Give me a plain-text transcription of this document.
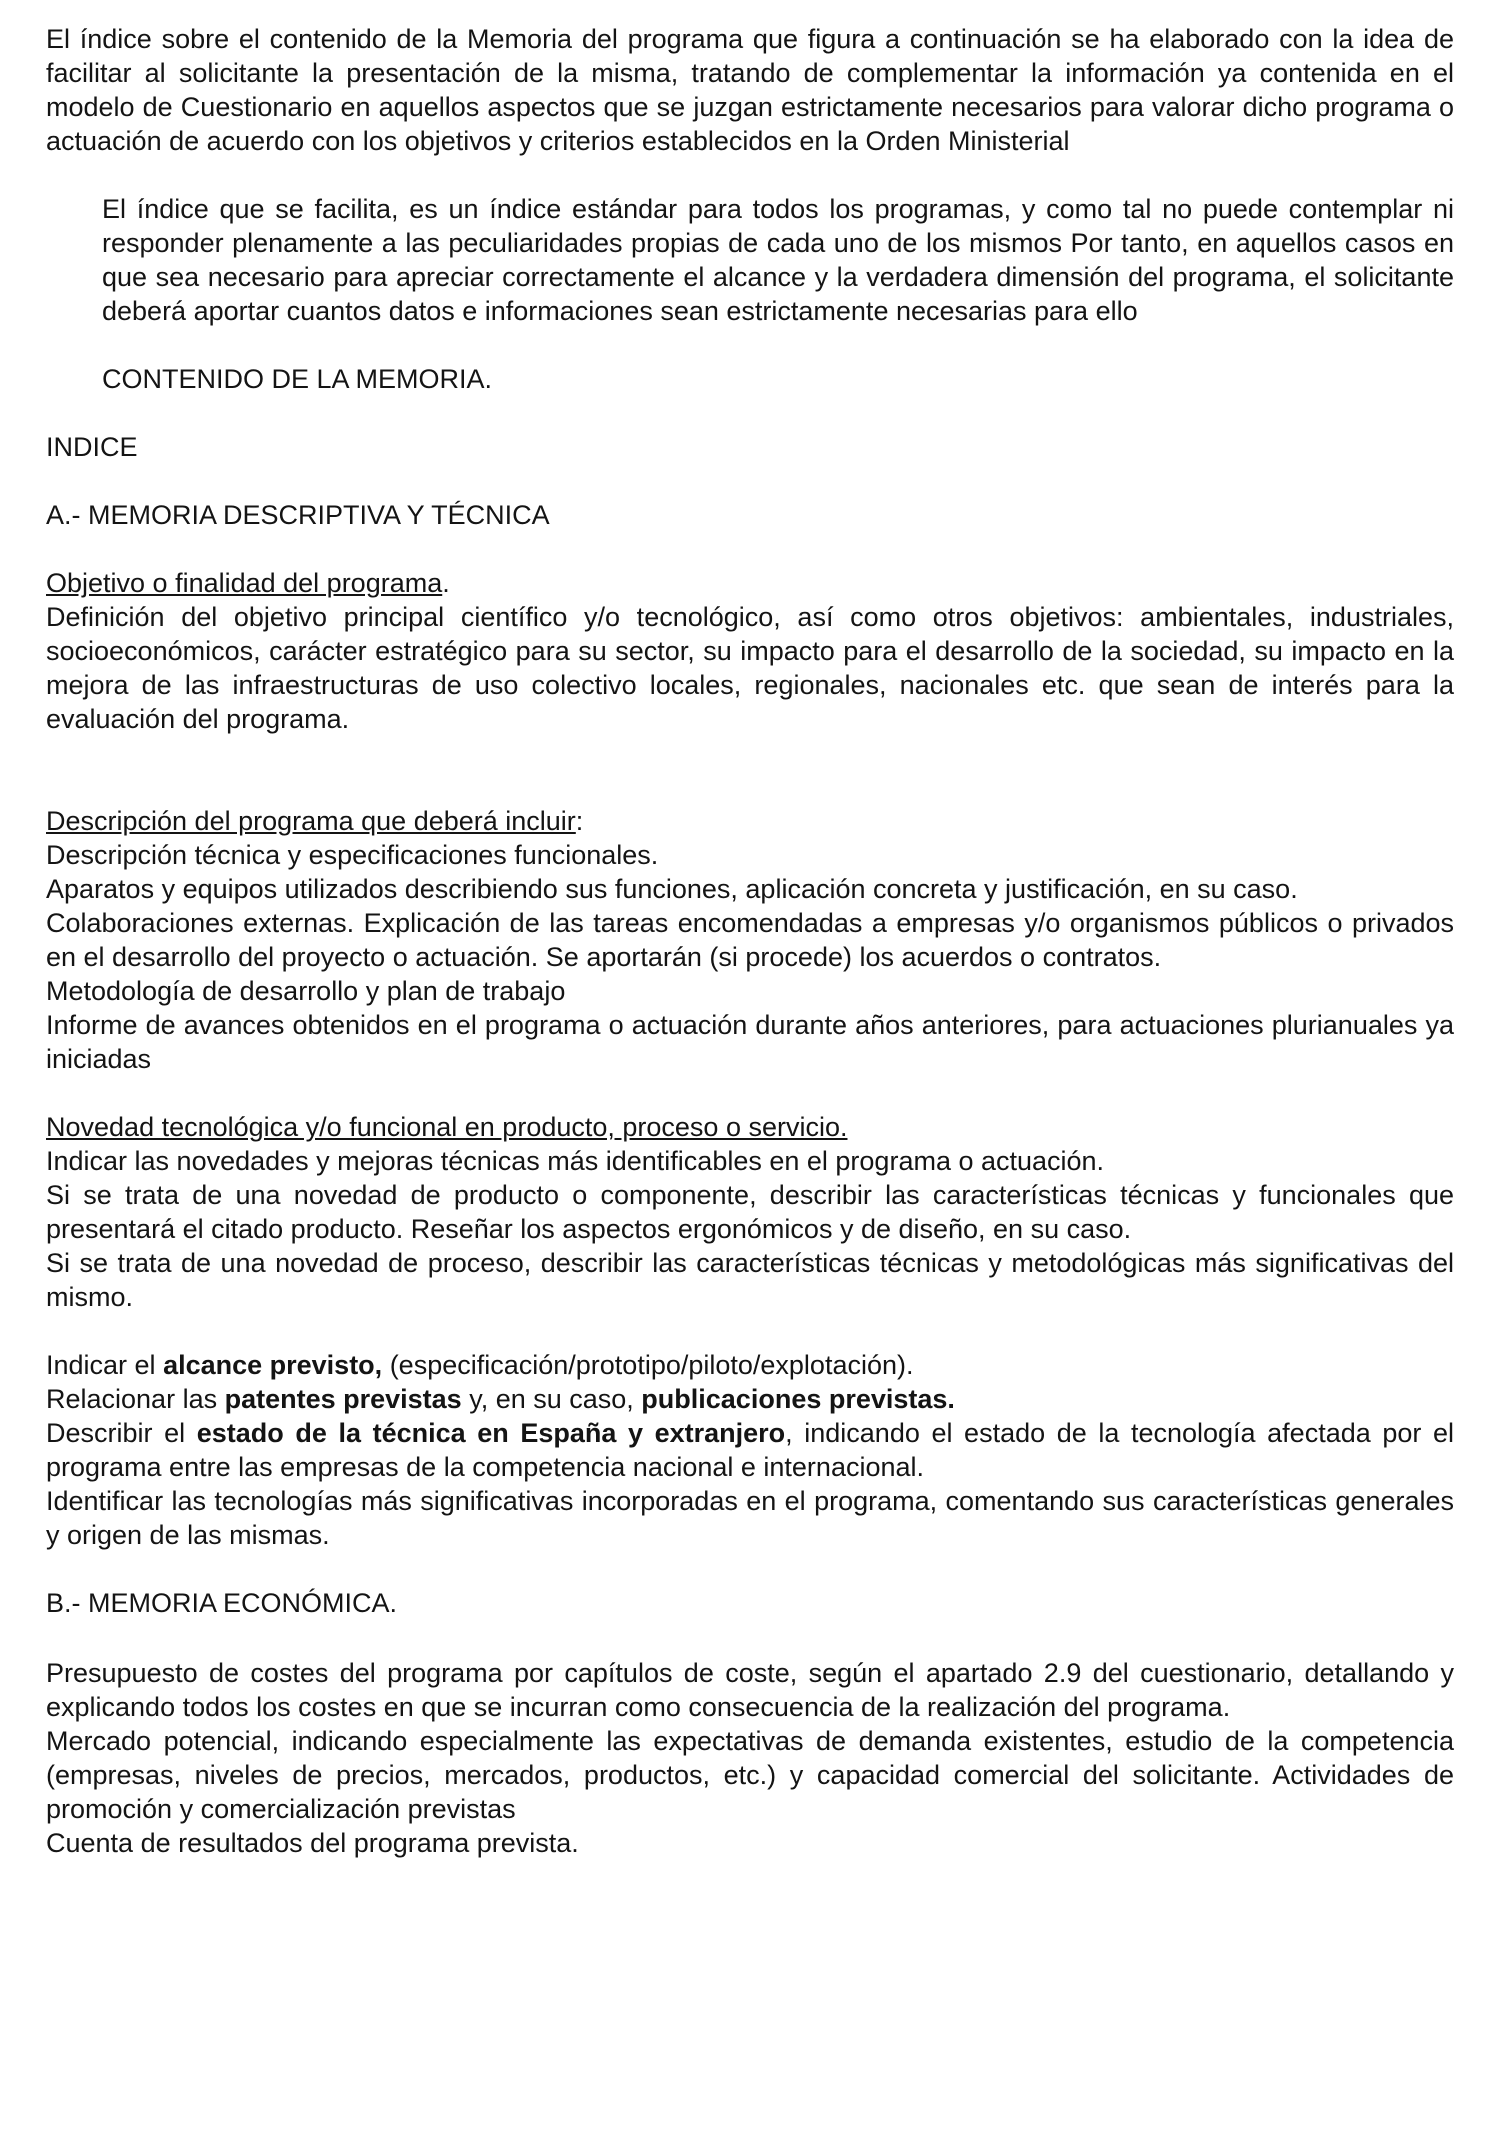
El índice sobre el contenido de la Memoria del programa que figura a continuación se ha elaborado con la idea de facilitar al solicitante la presentación de la misma, tratando de complementar la información ya contenida en el modelo de Cuestionario en aquellos aspectos que se juzgan estrictamente necesarios para valorar dicho programa o actuación de acuerdo con los objetivos y criterios establecidos en la Orden Ministerial

El índice que se facilita, es un índice estándar para todos los programas, y como tal no puede contemplar ni responder plenamente a las peculiaridades propias de cada uno de los mismos Por tanto, en aquellos casos en que sea necesario para apreciar correctamente el alcance y la verdadera dimensión del programa, el solicitante deberá aportar cuantos datos e informaciones sean estrictamente necesarias para ello

CONTENIDO DE LA MEMORIA.

INDICE

A.- MEMORIA DESCRIPTIVA Y TÉCNICA

Objetivo o finalidad del programa.

Definición del objetivo principal científico y/o tecnológico, así como otros objetivos: ambientales, industriales, socioeconómicos, carácter estratégico para su sector, su impacto para el desarrollo de la sociedad, su impacto en la mejora de las infraestructuras de uso colectivo locales, regionales, nacionales etc. que sean de interés para la evaluación del programa.

Descripción del programa que deberá incluir:

Descripción técnica y especificaciones funcionales.

Aparatos y equipos utilizados describiendo sus funciones, aplicación concreta y justificación, en su caso.

Colaboraciones externas. Explicación de las tareas encomendadas a empresas y/o organismos públicos o privados en el desarrollo del proyecto o actuación. Se aportarán (si procede) los acuerdos o contratos.

Metodología de desarrollo y plan de trabajo

Informe de avances obtenidos en el programa o actuación durante años anteriores, para actuaciones plurianuales ya iniciadas

Novedad tecnológica y/o funcional en producto, proceso o servicio.

Indicar las novedades y mejoras técnicas más identificables en el programa o actuación.

Si se trata de una novedad de producto o componente, describir las características técnicas y funcionales que presentará el citado producto. Reseñar los aspectos ergonómicos y de diseño, en su caso.

Si se trata de una novedad de proceso, describir las características técnicas y metodológicas más significativas del mismo.

Indicar el alcance previsto, (especificación/prototipo/piloto/explotación).

Relacionar las patentes previstas y, en su caso, publicaciones previstas.

Describir el estado de la técnica en España y extranjero, indicando el estado de la tecnología afectada por el programa entre las empresas de la competencia nacional e internacional.

Identificar las tecnologías más significativas incorporadas en el programa, comentando sus características generales y origen de las mismas.

B.- MEMORIA ECONÓMICA.

Presupuesto de costes del programa por capítulos de coste, según el apartado 2.9 del cuestionario, detallando y explicando todos los costes en que se incurran como consecuencia de la realización del programa.

Mercado potencial, indicando especialmente las expectativas de demanda existentes, estudio de la competencia (empresas, niveles de precios, mercados, productos, etc.) y capacidad comercial del solicitante. Actividades de promoción y comercialización previstas

Cuenta de resultados del programa prevista.
